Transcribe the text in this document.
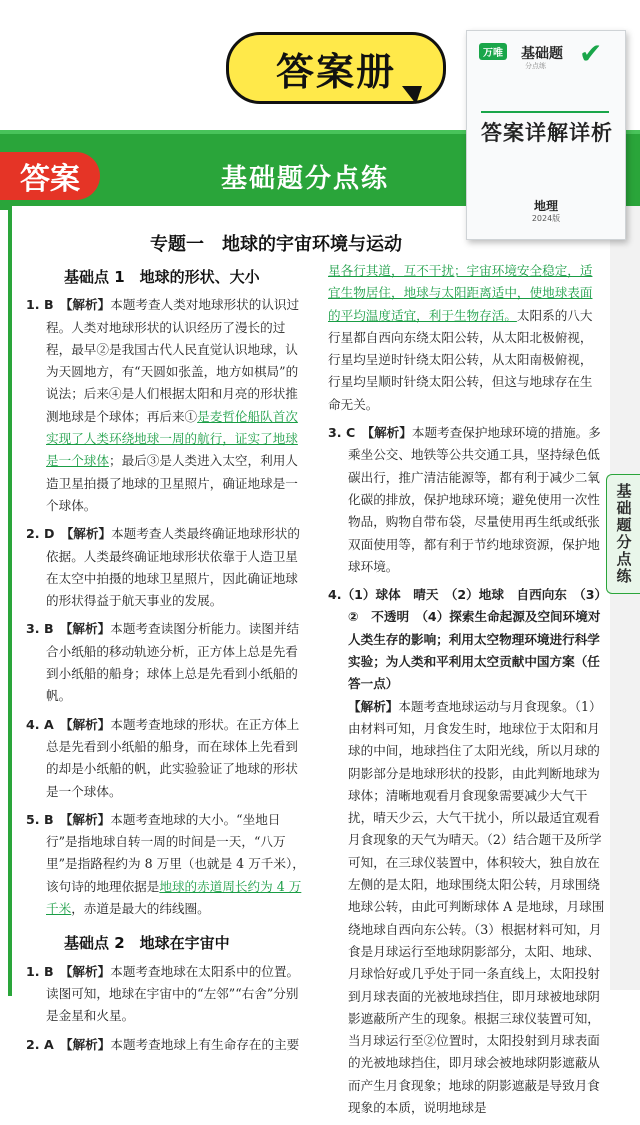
答案册	万唯 基础题
分点练 ✔
答案详解详析
地理
2024版
答案	基础题分点练
专题一　地球的宇宙环境与运动
基础点 1　地球的形状、大小
1. B　【解析】本题考查人类对地球形状的认识过程。人类对地球形状的认识经历了漫长的过程，最早②是我国古代人民直觉认识地球，认为天圆地方，有“天圆如张盖，地方如棋局”的说法；后来④是人们根据太阳和月亮的形状推测地球是个球体；再后来①是麦哲伦船队首次实现了人类环绕地球一周的航行，证实了地球是一个球体；最后③是人类进入太空，利用人造卫星拍摄了地球的卫星照片，确证地球是一个球体。
2. D　【解析】本题考查人类最终确证地球形状的依据。人类最终确证地球形状依靠于人造卫星在太空中拍摄的地球卫星照片，因此确证地球的形状得益于航天事业的发展。
3. B　【解析】本题考查读图分析能力。读图并结合小纸船的移动轨迹分析，正方体上总是先看到小纸船的船身；球体上总是先看到小纸船的帆。
4. A　【解析】本题考查地球的形状。在正方体上总是先看到小纸船的船身，而在球体上先看到的却是小纸船的帆，此实验验证了地球的形状是一个球体。
5. B　【解析】本题考查地球的大小。“坐地日行”是指地球自转一周的时间是一天，“八万里”是指路程约为 8 万里（也就是 4 万千米），该句诗的地理依据是地球的赤道周长约为 4 万千米，赤道是最大的纬线圈。
基础点 2　地球在宇宙中
1. B　【解析】本题考查地球在太阳系中的位置。读图可知，地球在宇宙中的“左邻”“右舍”分别是金星和火星。
2. A　【解析】本题考查地球上有生命存在的主要
星各行其道，互不干扰；宇宙环境安全稳定，适宜生物居住，地球与太阳距离适中，使地球表面的平均温度适宜，利于生物存活。太阳系的八大行星都自西向东绕太阳公转，从太阳北极俯视，行星均呈逆时针绕太阳公转，从太阳南极俯视，行星均呈顺时针绕太阳公转，但这与地球存在生命无关。
3. C　【解析】本题考查保护地球环境的措施。多乘坐公交、地铁等公共交通工具，坚持绿色低碳出行，推广清洁能源等，都有利于减少二氧化碳的排放，保护地球环境；避免使用一次性物品，购物自带布袋，尽量使用再生纸或纸张双面使用等，都有利于节约地球资源，保护地球环境。
4.（1）球体　晴天　（2）地球　自西向东　（3）②　不透明　（4）探索生命起源及空间环境对人类生存的影响；利用太空物理环境进行科学实验；为人类和平利用太空贡献中国方案（任答一点）
【解析】本题考查地球运动与月食现象。（1）由材料可知，月食发生时，地球位于太阳和月球的中间，地球挡住了太阳光线，所以月球的阴影部分是地球形状的投影，由此判断地球为球体；清晰地观看月食现象需要减少大气干扰，晴天少云，大气干扰小，所以最适宜观看月食现象的天气为晴天。（2）结合题干及所学可知，在三球仪装置中，体积较大，独自放在左侧的是太阳，地球围绕太阳公转，月球围绕地球公转，由此可判断球体 A 是地球，月球围绕地球自西向东公转。（3）根据材料可知，月食是月球运行至地球阴影部分，太阳、地球、月球恰好或几乎处于同一条直线上，太阳投射到月球表面的光被地球挡住，即月球被地球阴影遮蔽所产生的现象。根据三球仪装置可知，当月球运行至②位置时，太阳投射到月球表面的光被地球挡住，即月球会被地球阴影遮蔽从而产生月食现象；地球的阴影遮蔽是导致月食现象的本质，说明地球是
基础题分点练
